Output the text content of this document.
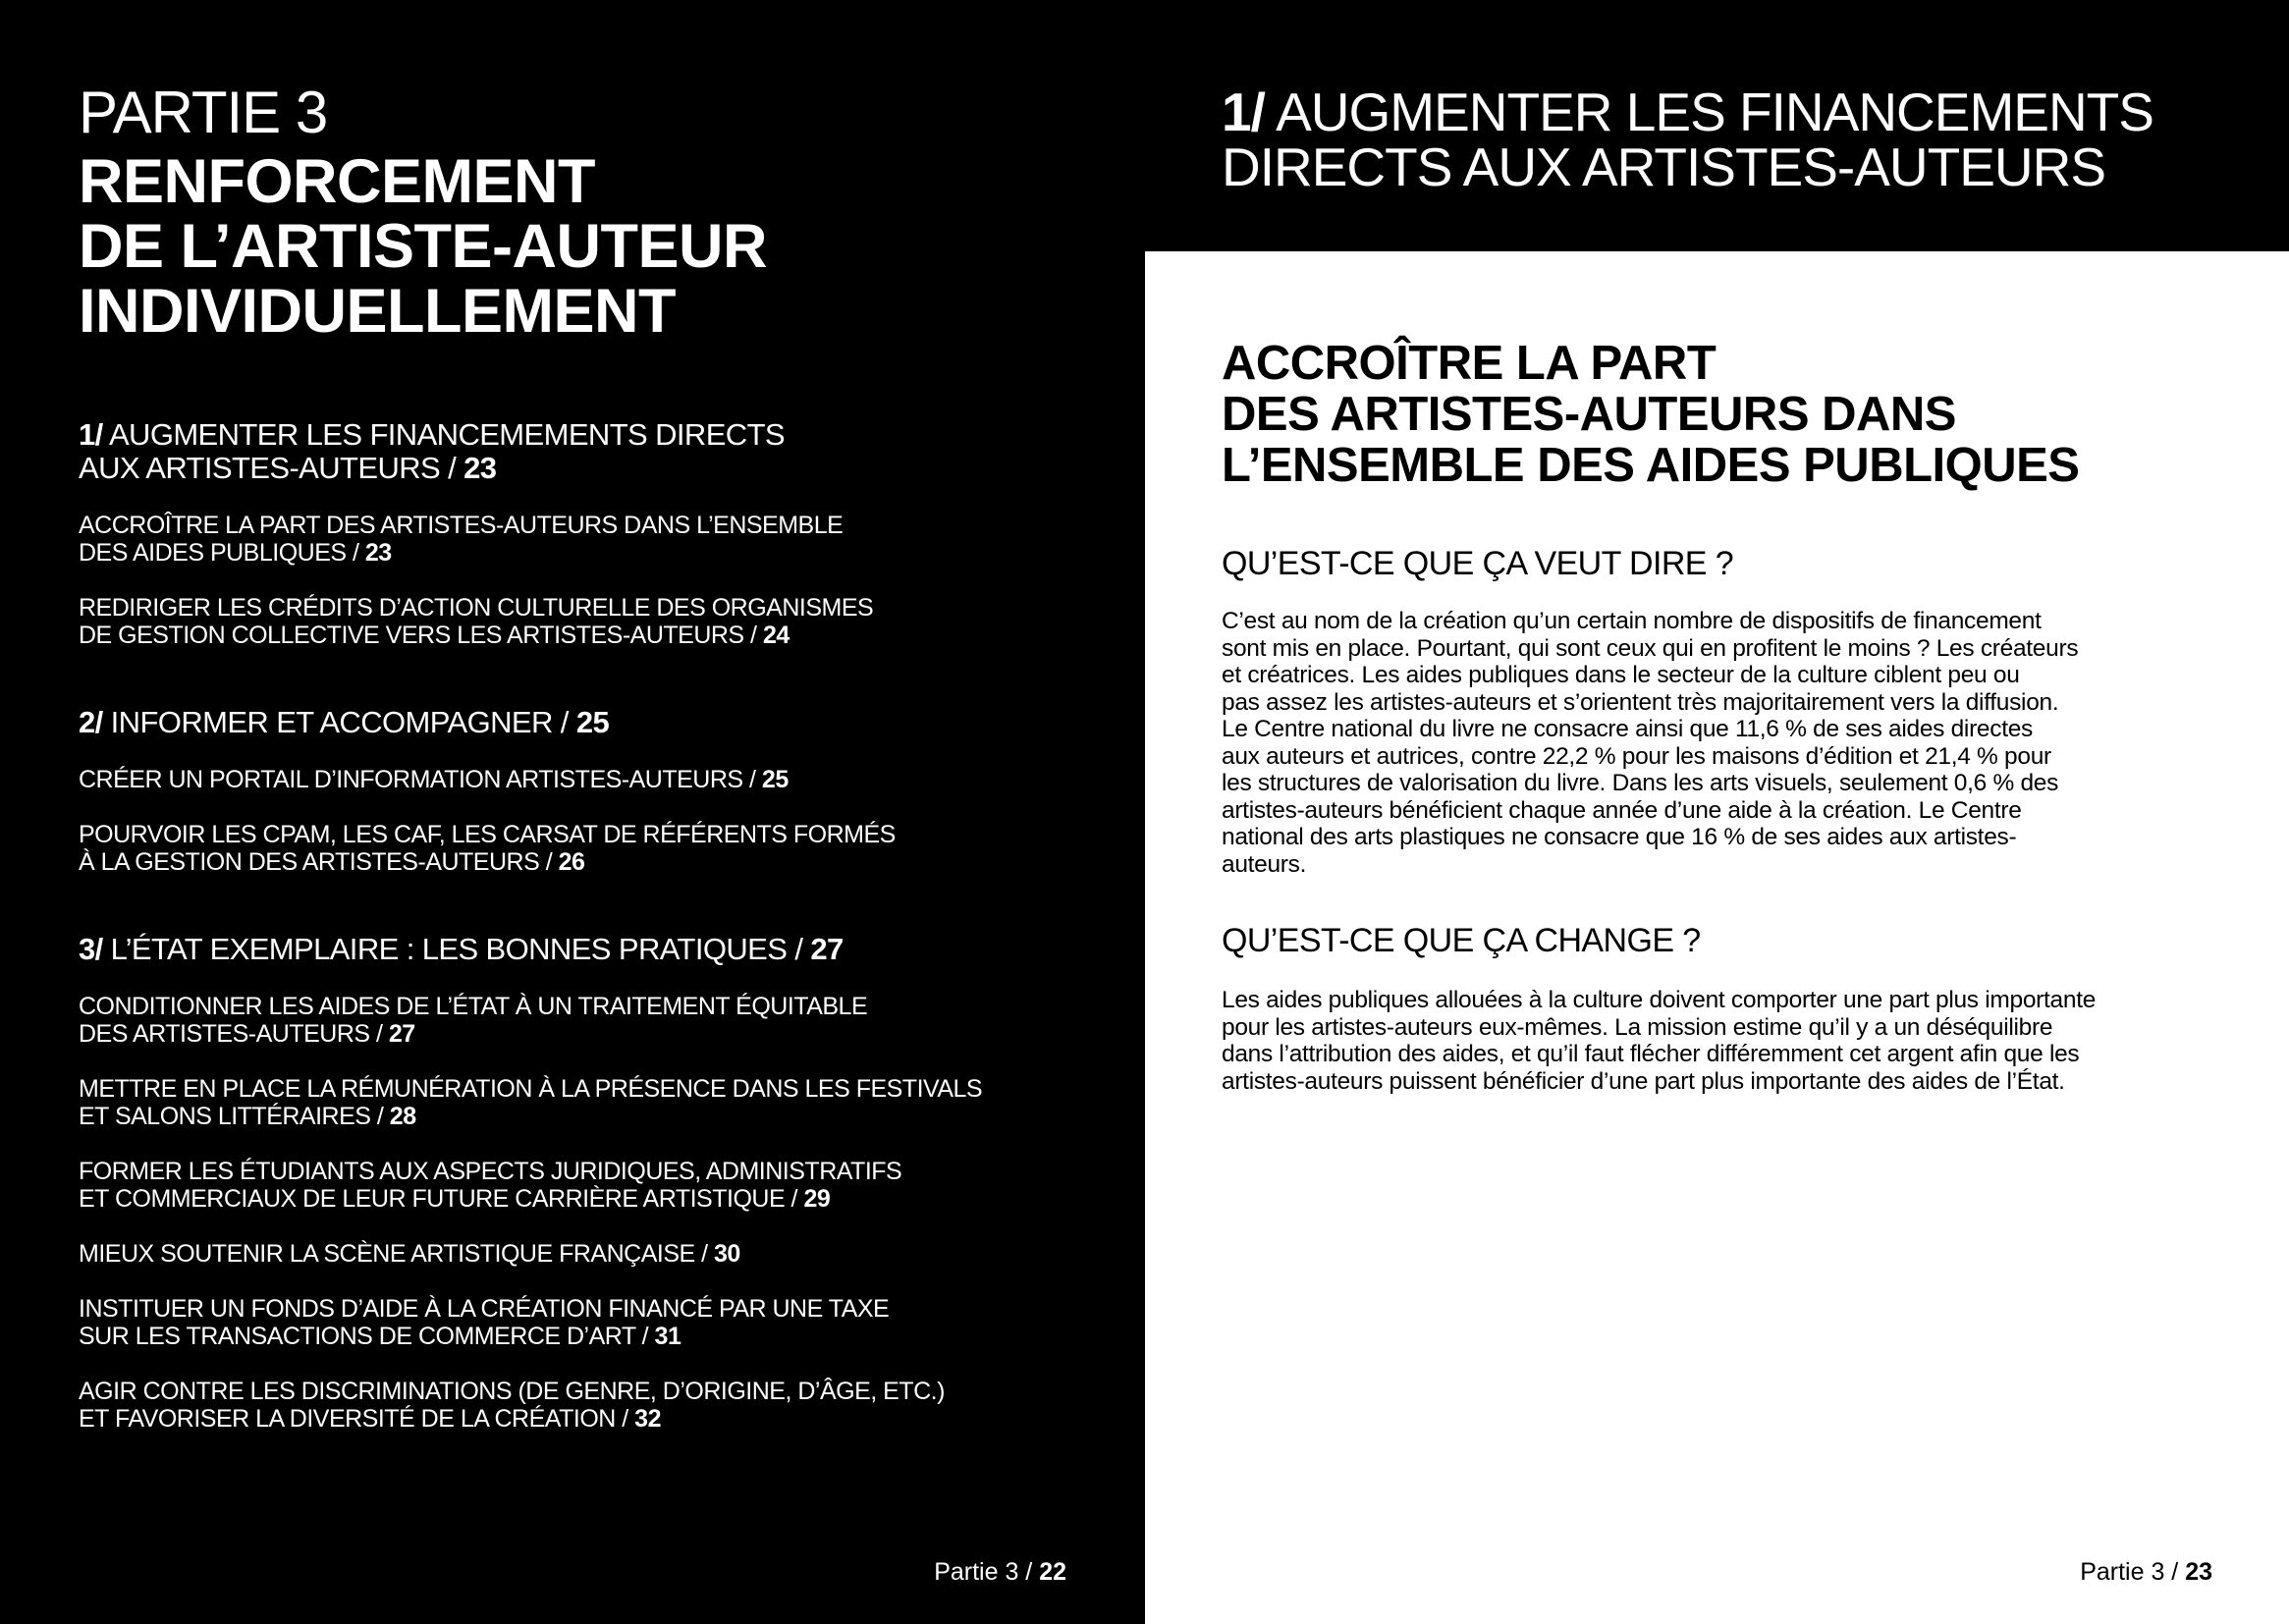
PARTIE 3
RENFORCEMENT
DE L’ARTISTE-AUTEUR
INDIVIDUELLEMENT

1/ AUGMENTER LES FINANCEMEMENTS DIRECTS
AUX ARTISTES-AUTEURS / 23

ACCROÎTRE LA PART DES ARTISTES-AUTEURS DANS L’ENSEMBLE
DES AIDES PUBLIQUES / 23

REDIRIGER LES CRÉDITS D’ACTION CULTURELLE DES ORGANISMES
DE GESTION COLLECTIVE VERS LES ARTISTES-AUTEURS / 24

2/ INFORMER ET ACCOMPAGNER / 25

CRÉER UN PORTAIL D’INFORMATION ARTISTES-AUTEURS / 25

POURVOIR LES CPAM, LES CAF, LES CARSAT DE RÉFÉRENTS FORMÉS
À LA GESTION DES ARTISTES-AUTEURS / 26

3/ L’ÉTAT EXEMPLAIRE : LES BONNES PRATIQUES / 27

CONDITIONNER LES AIDES DE L’ÉTAT À UN TRAITEMENT ÉQUITABLE
DES ARTISTES-AUTEURS / 27

METTRE EN PLACE LA RÉMUNÉRATION À LA PRÉSENCE DANS LES FESTIVALS
ET SALONS LITTÉRAIRES / 28

FORMER LES ÉTUDIANTS AUX ASPECTS JURIDIQUES, ADMINISTRATIFS
ET COMMERCIAUX DE LEUR FUTURE CARRIÈRE ARTISTIQUE / 29

MIEUX SOUTENIR LA SCÈNE ARTISTIQUE FRANÇAISE / 30

INSTITUER UN FONDS D’AIDE À LA CRÉATION FINANCÉ PAR UNE TAXE
SUR LES TRANSACTIONS DE COMMERCE D’ART / 31

AGIR CONTRE LES DISCRIMINATIONS (DE GENRE, D’ORIGINE, D’ÂGE, ETC.)
ET FAVORISER LA DIVERSITÉ DE LA CRÉATION / 32

Partie 3 / 22
1/ AUGMENTER LES FINANCEMENTS
DIRECTS AUX ARTISTES-AUTEURS
ACCROÎTRE LA PART
DES ARTISTES-AUTEURS DANS
L’ENSEMBLE DES AIDES PUBLIQUES
QU’EST-CE QUE ÇA VEUT DIRE ?

C’est au nom de la création qu’un certain nombre de dispositifs de financement
sont mis en place. Pourtant, qui sont ceux qui en profitent le moins ? Les créateurs
et créatrices. Les aides publiques dans le secteur de la culture ciblent peu ou
pas assez les artistes-auteurs et s’orientent très majoritairement vers la diffusion.
Le Centre national du livre ne consacre ainsi que 11,6 % de ses aides directes
aux auteurs et autrices, contre 22,2 % pour les maisons d’édition et 21,4 % pour
les structures de valorisation du livre. Dans les arts visuels, seulement 0,6 % des
artistes-auteurs bénéficient chaque année d’une aide à la création. Le Centre
national des arts plastiques ne consacre que 16 % de ses aides aux artistes-
auteurs.

QU’EST-CE QUE ÇA CHANGE ?

Les aides publiques allouées à la culture doivent comporter une part plus importante
pour les artistes-auteurs eux-mêmes. La mission estime qu’il y a un déséquilibre
dans l’attribution des aides, et qu’il faut flécher différemment cet argent afin que les
artistes-auteurs puissent bénéficier d’une part plus importante des aides de l’État.

Partie 3 / 23
